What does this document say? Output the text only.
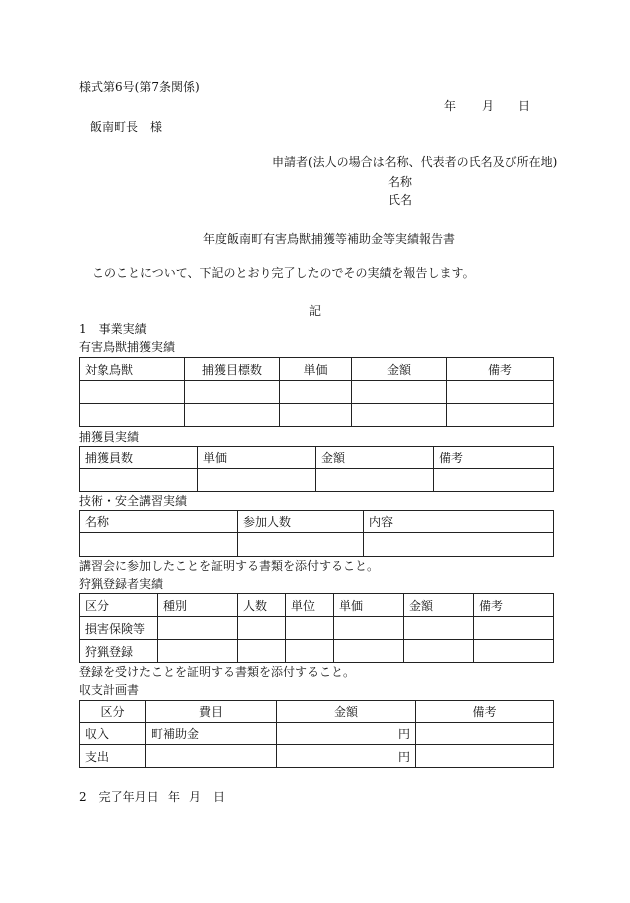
様式第6号(第7条関係)
年 月 日
飯南町長　様
申請者(法人の場合は名称、代表者の氏名及び所在地)
名称
氏名
年度飯南町有害鳥獣捕獲等補助金等実績報告書
このことについて、下記のとおり完了したのでその実績を報告します。
記
1　事業実績
有害鳥獣捕獲実績
対象鳥獣	捕獲目標数	単価	金額	備考

捕獲員実績
捕獲員数	単価	金額	備考

技術・安全講習実績
名称	参加人数	内容

講習会に参加したことを証明する書類を添付すること。
狩猟登録者実績
区分	種別	人数	単位	単価	金額	備考
損害保険等						
狩猟登録						
登録を受けたことを証明する書類を添付すること。
収支計画書
区分	費目	金額	備考
収入	町補助金	円	
支出		円	
2　完了年月日 年 月 日
